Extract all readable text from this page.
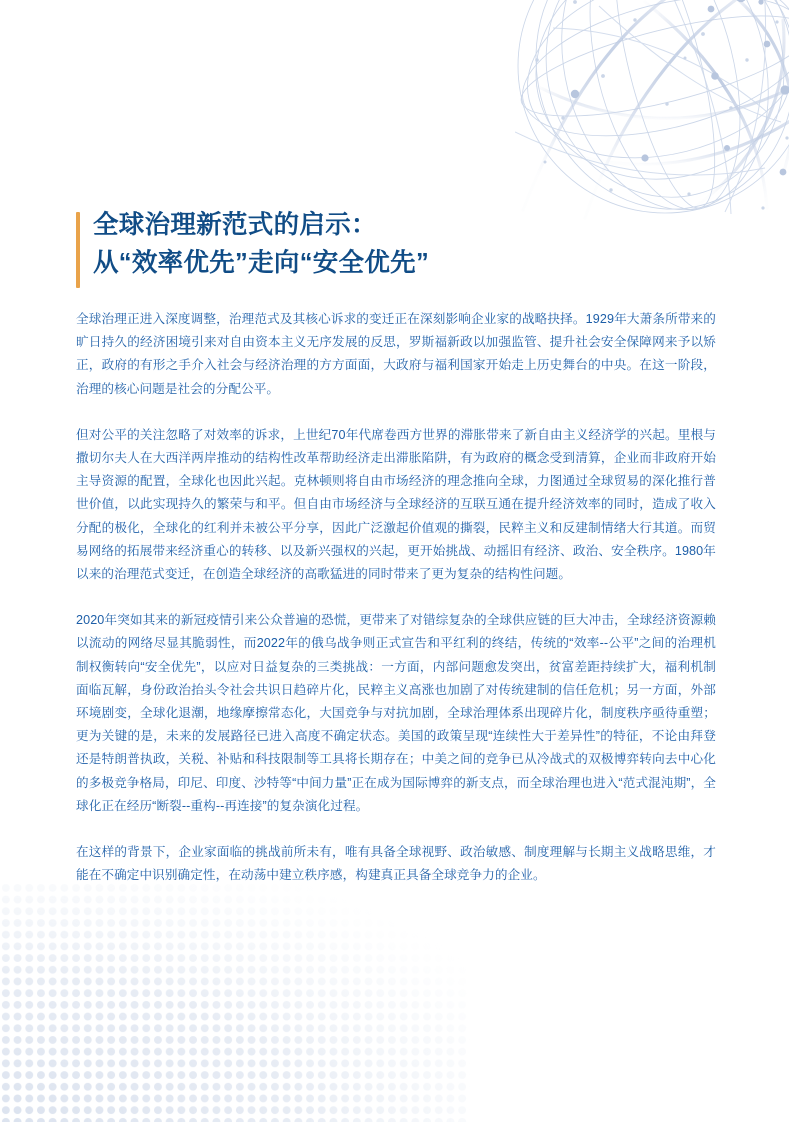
全球治理新范式的启示：
从“效率优先”走向“安全优先”

全球治理正进入深度调整，治理范式及其核心诉求的变迁正在深刻影响企业家的战略抉择。1929年大萧条所带来的旷日持久的经济困境引来对自由资本主义无序发展的反思，罗斯福新政以加强监管、提升社会安全保障网来予以矫正，政府的有形之手介入社会与经济治理的方方面面，大政府与福利国家开始走上历史舞台的中央。在这一阶段，治理的核心问题是社会的分配公平。

但对公平的关注忽略了对效率的诉求，上世纪70年代席卷西方世界的滞胀带来了新自由主义经济学的兴起。里根与撒切尔夫人在大西洋两岸推动的结构性改革帮助经济走出滞胀陷阱，有为政府的概念受到清算，企业而非政府开始主导资源的配置，全球化也因此兴起。克林顿则将自由市场经济的理念推向全球，力图通过全球贸易的深化推行普世价值，以此实现持久的繁荣与和平。但自由市场经济与全球经济的互联互通在提升经济效率的同时，造成了收入分配的极化，全球化的红利并未被公平分享，因此广泛激起价值观的撕裂，民粹主义和反建制情绪大行其道。而贸易网络的拓展带来经济重心的转移、以及新兴强权的兴起，更开始挑战、动摇旧有经济、政治、安全秩序。1980年以来的治理范式变迁，在创造全球经济的高歌猛进的同时带来了更为复杂的结构性问题。

2020年突如其来的新冠疫情引来公众普遍的恐慌，更带来了对错综复杂的全球供应链的巨大冲击，全球经济资源赖以流动的网络尽显其脆弱性，而2022年的俄乌战争则正式宣告和平红利的终结，传统的“效率--公平”之间的治理机制权衡转向“安全优先”，以应对日益复杂的三类挑战：一方面，内部问题愈发突出，贫富差距持续扩大，福利机制面临瓦解，身份政治抬头令社会共识日趋碎片化，民粹主义高涨也加剧了对传统建制的信任危机；另一方面，外部环境剧变，全球化退潮，地缘摩擦常态化，大国竞争与对抗加剧，全球治理体系出现碎片化，制度秩序亟待重塑；更为关键的是，未来的发展路径已进入高度不确定状态。美国的政策呈现“连续性大于差异性”的特征，不论由拜登还是特朗普执政，关税、补贴和科技限制等工具将长期存在；中美之间的竞争已从冷战式的双极博弈转向去中心化的多极竞争格局，印尼、印度、沙特等“中间力量”正在成为国际博弈的新支点，而全球治理也进入“范式混沌期”，全球化正在经历“断裂--重构--再连接”的复杂演化过程。

在这样的背景下，企业家面临的挑战前所未有，唯有具备全球视野、政治敏感、制度理解与长期主义战略思维，才能在不确定中识别确定性，在动荡中建立秩序感，构建真正具备全球竞争力的企业。
